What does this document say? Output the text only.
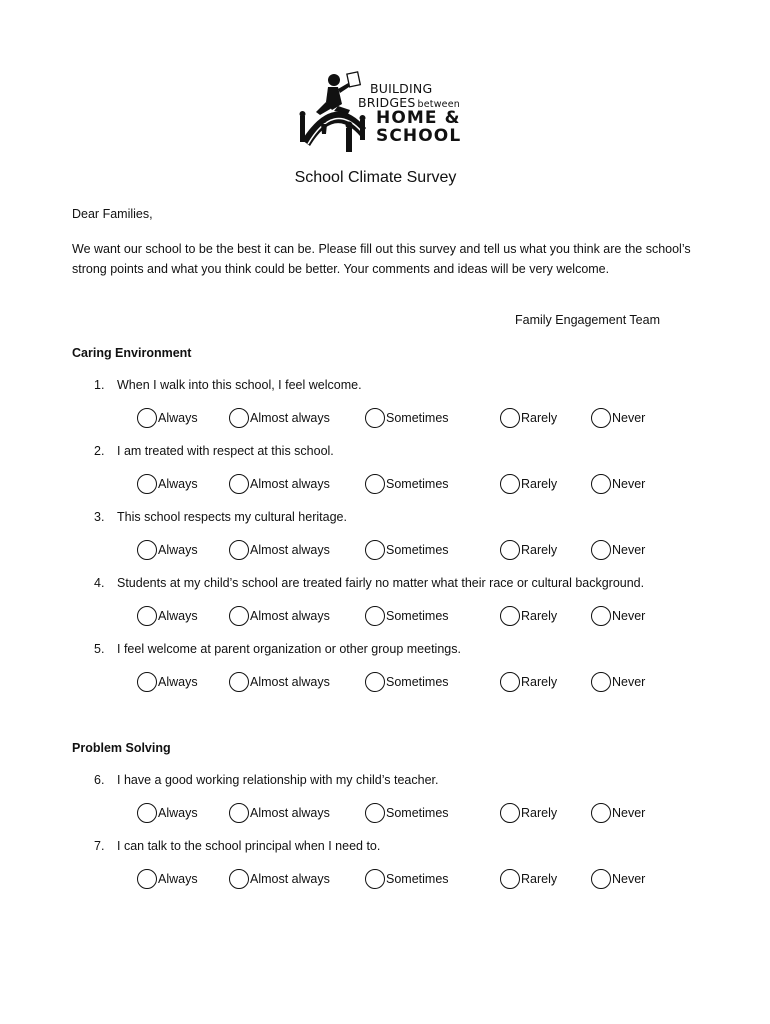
BUILDING
BRIDGES between
HOME &
SCHOOL
School Climate Survey
Dear Families,
We want our school to be the best it can be. Please fill out this survey and tell us what you think are the school’s strong points and what you think could be better. Your comments and ideas will be very welcome.
Family Engagement Team
Caring Environment
Problem Solving
1. When I walk into this school, I feel welcome.
2. I am treated with respect at this school.
3. This school respects my cultural heritage.
4. Students at my child’s school are treated fairly no matter what their race or cultural background.
5. I feel welcome at parent organization or other group meetings.
6. I have a good working relationship with my child’s teacher.
7. I can talk to the school principal when I need to.
Always	Almost always	Sometimes	Rarely	Never
Always	Almost always	Sometimes	Rarely	Never
Always	Almost always	Sometimes	Rarely	Never
Always	Almost always	Sometimes	Rarely	Never
Always	Almost always	Sometimes	Rarely	Never
Always	Almost always	Sometimes	Rarely	Never
Always	Almost always	Sometimes	Rarely	Never
